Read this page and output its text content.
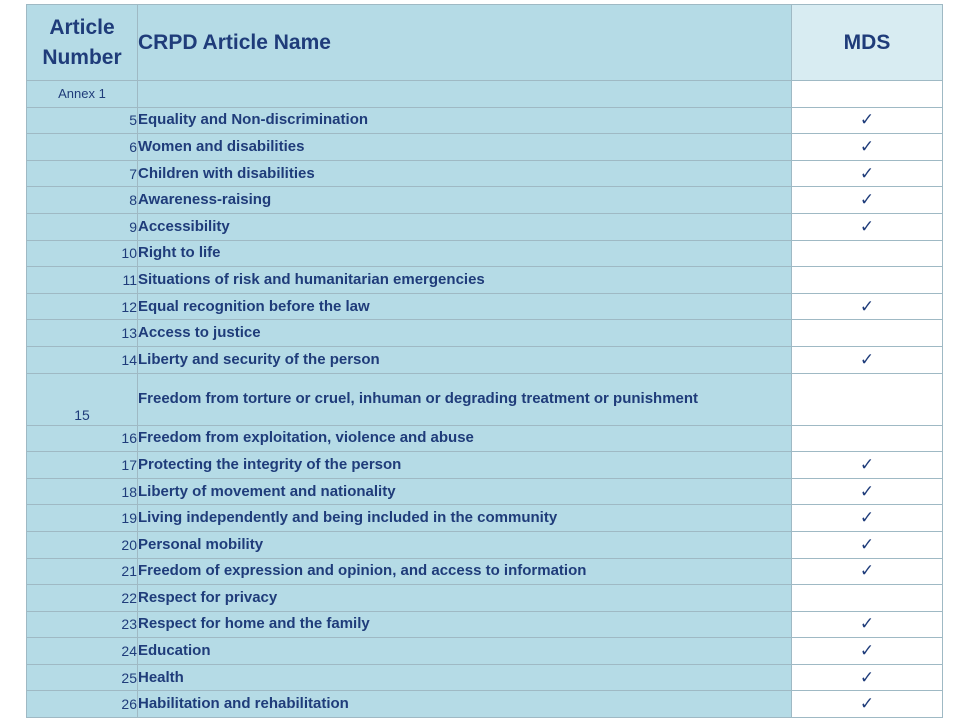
Article Number	CRPD Article Name	MDS
Annex 1		
5	Equality and Non-discrimination	✓
6	Women and disabilities	✓
7	Children with disabilities	✓
8	Awareness-raising	✓
9	Accessibility	✓
10	Right to life	
11	Situations of risk and humanitarian emergencies	
12	Equal recognition before the law	✓
13	Access to justice	
14	Liberty and security of the person	✓
15	Freedom from torture or cruel, inhuman or degrading treatment or punishment	
16	Freedom from exploitation, violence and abuse	
17	Protecting the integrity of the person	✓
18	Liberty of movement and nationality	✓
19	Living independently and being included in the community	✓
20	Personal mobility	✓
21	Freedom of expression and opinion, and access to information	✓
22	Respect for privacy	
23	Respect for home and the family	✓
24	Education	✓
25	Health	✓
26	Habilitation and rehabilitation	✓
